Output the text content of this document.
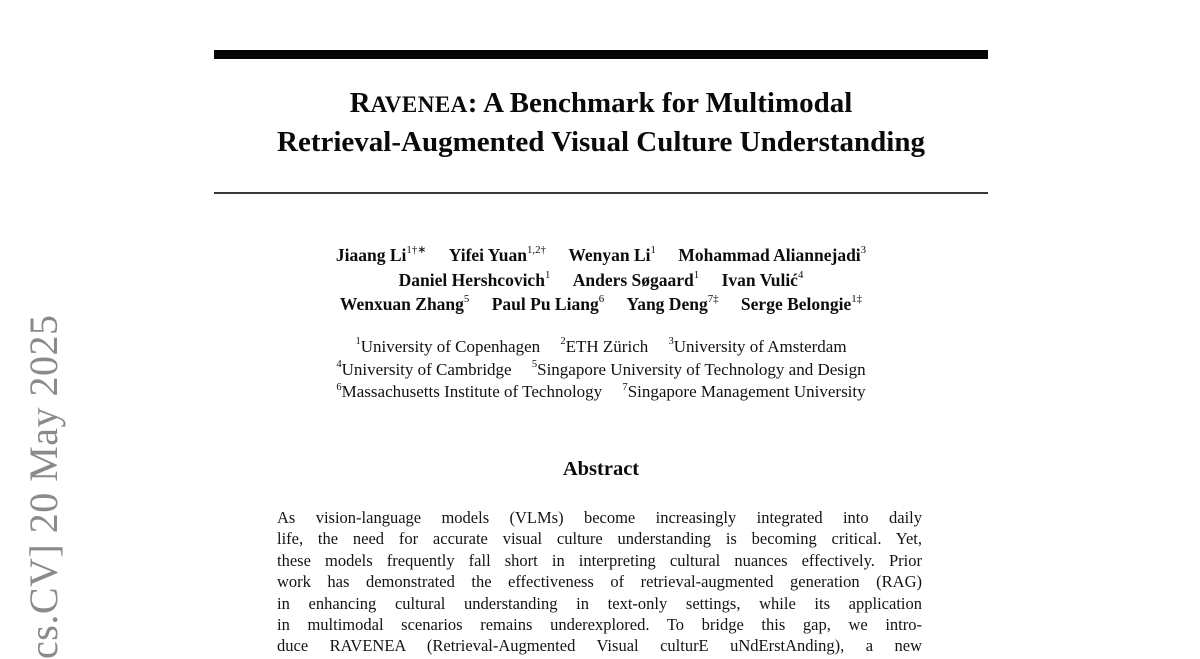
cs.CV] 20 May 2025
RAVENEA: A Benchmark for Multimodal
Retrieval-Augmented Visual Culture Understanding
Jiaang $Li^{1\dagger∗}$ Yifei Yuan$^{1,2\dagger}$ Wenyan Li$^1$ Mohammad Aliannejadi$^3$
Daniel Hershcovich$^1$ Anders Søgaard$^1$ Ivan Vulić$^4$
Wenxuan Zhang$^5$ Paul Pu Liang$^6$ Yang Deng$^{7\ddagger}$ Serge Belongie$^{1\ddagger}$
$^1$University of Copenhagen $^2$ETH Zürich $^3$University of Amsterdam
$^4$University of Cambridge $^5$Singapore University of Technology and Design
$^6$Massachusetts Institute of Technology $^7$Singapore Management University
Abstract
As vision-language models (VLMs) become increasingly integrated into daily
life, the need for accurate visual culture understanding is becoming critical. Yet,
these models frequently fall short in interpreting cultural nuances effectively. Prior
work has demonstrated the effectiveness of retrieval-augmented generation (RAG)
in enhancing cultural understanding in text-only settings, while its application
in multimodal scenarios remains underexplored. To bridge this gap, we intro-
duce RAVENEA (Retrieval-Augmented Visual culturE uNdErstAnding), a new
